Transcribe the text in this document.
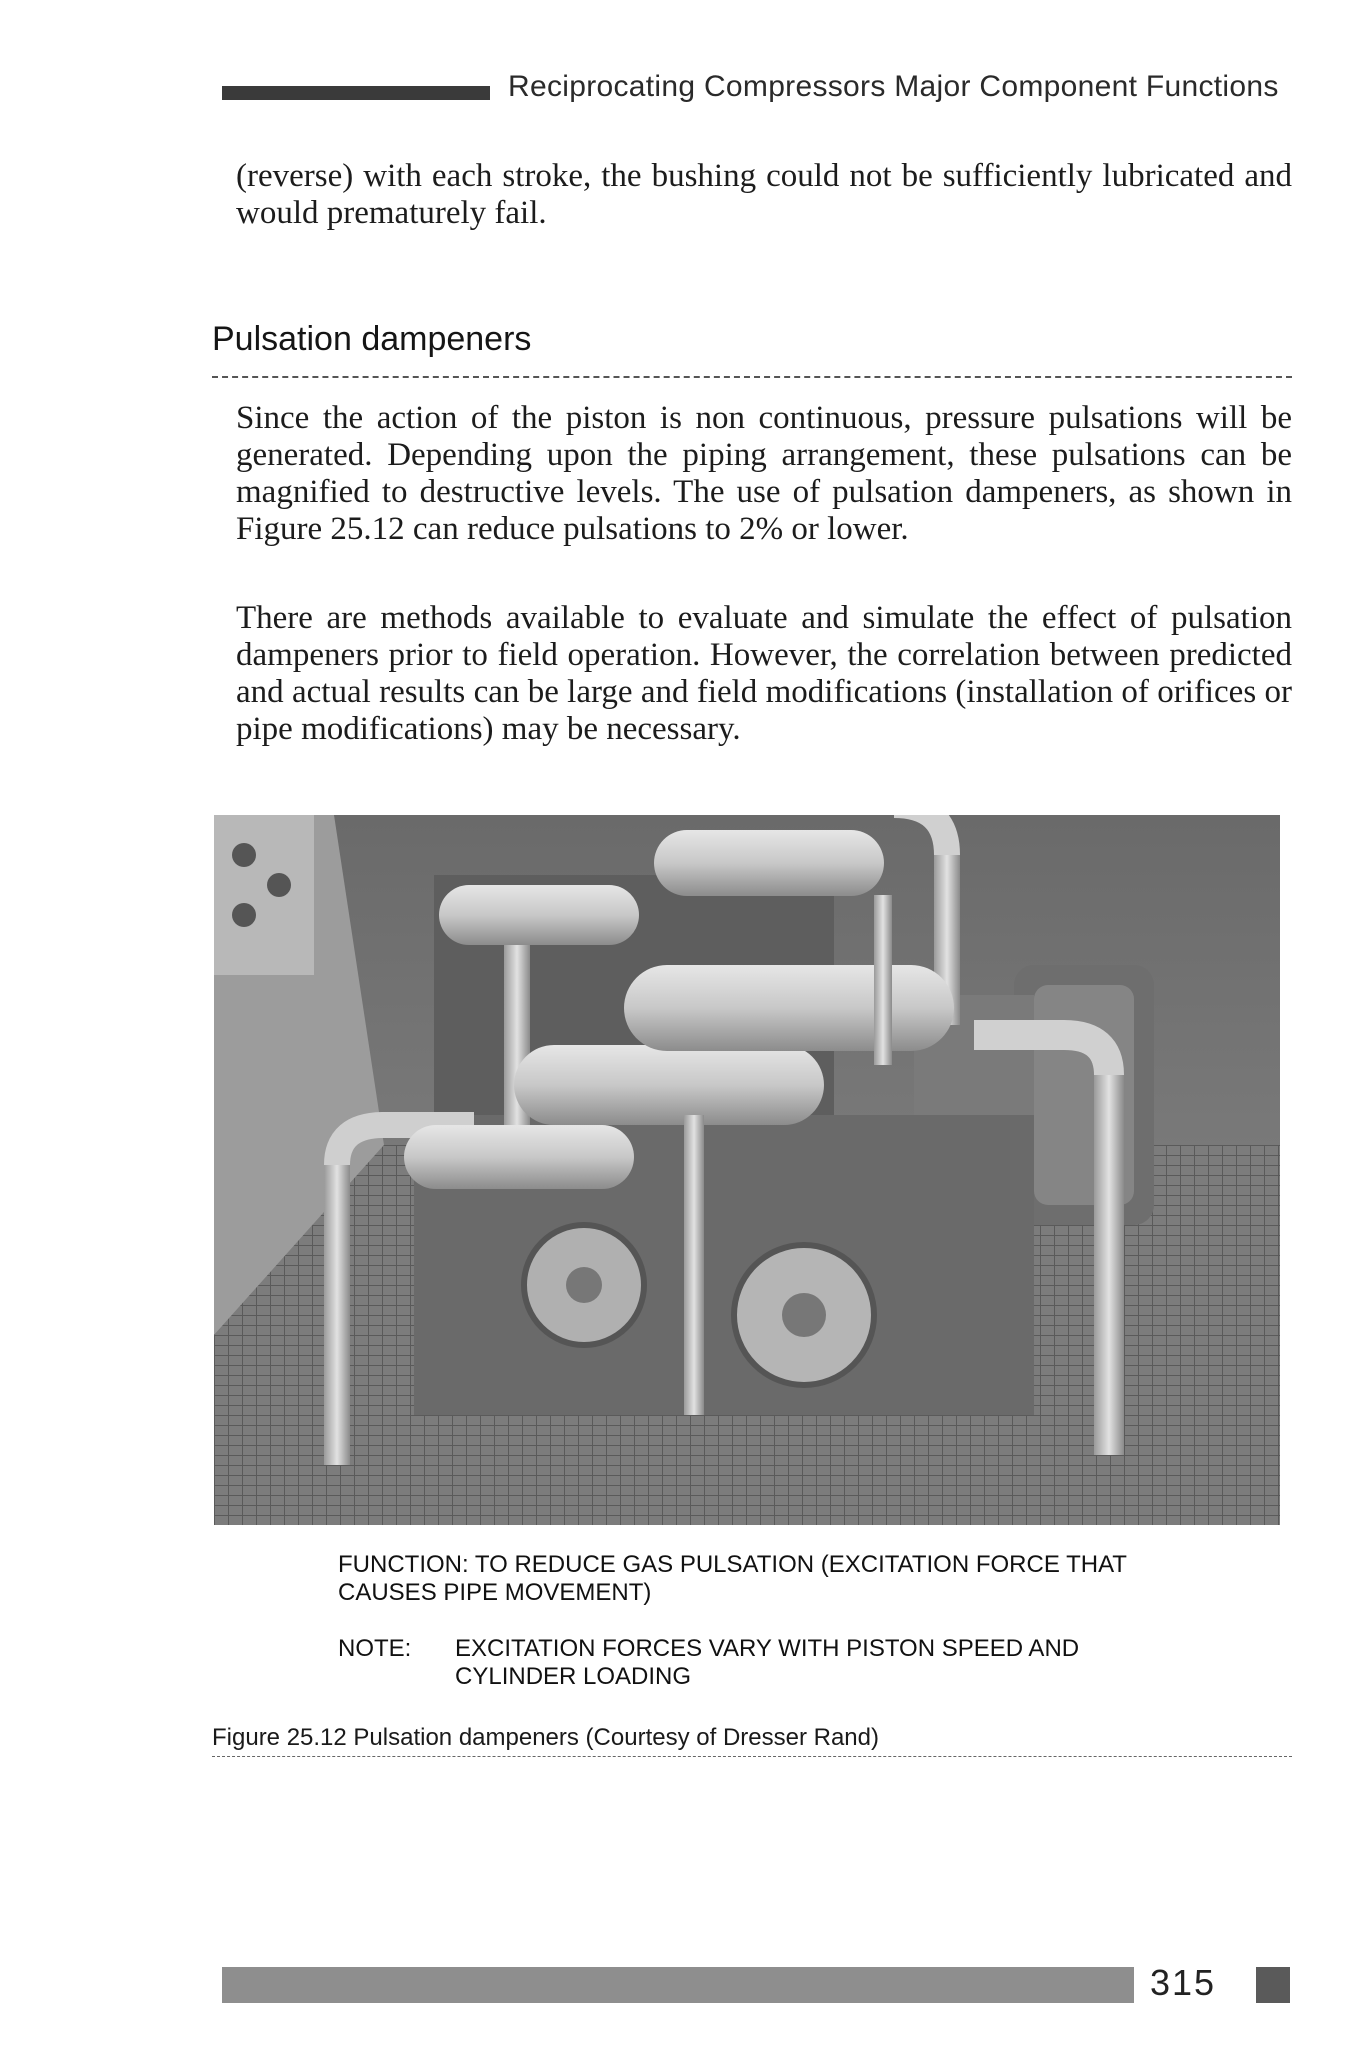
Reciprocating Compressors Major Component Functions

(reverse) with each stroke, the bushing could not be sufficiently lubricated and would prematurely fail.

Pulsation dampeners

Since the action of the piston is non continuous, pressure pulsations will be generated. Depending upon the piping arrangement, these pulsations can be magnified to destructive levels. The use of pulsation dampeners, as shown in Figure 25.12 can reduce pulsations to 2% or lower.

There are methods available to evaluate and simulate the effect of pulsation dampeners prior to field operation. However, the correlation between predicted and actual results can be large and field modifications (installation of orifices or pipe modifications) may be necessary.

FUNCTION: TO REDUCE GAS PULSATION (EXCITATION FORCE THAT CAUSES PIPE MOVEMENT)
NOTE: EXCITATION FORCES VARY WITH PISTON SPEED AND CYLINDER LOADING
Figure 25.12 Pulsation dampeners (Courtesy of Dresser Rand)
315
